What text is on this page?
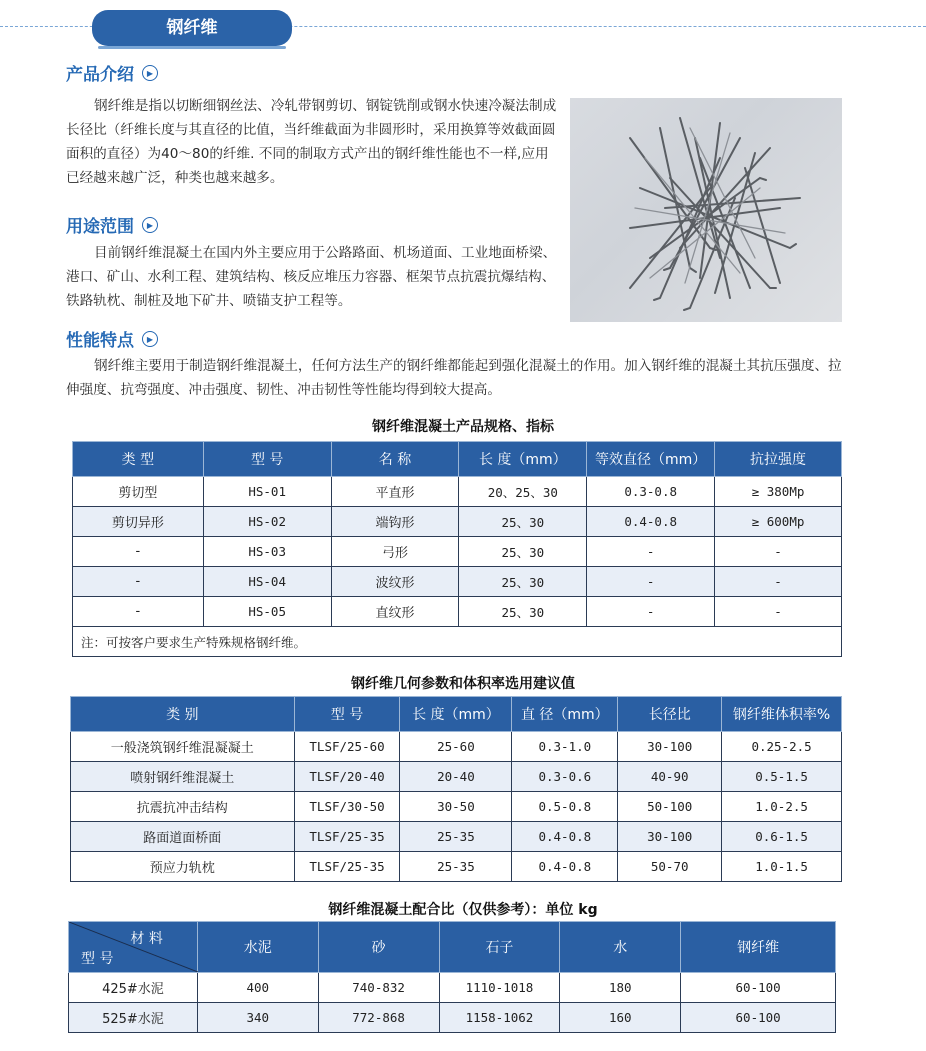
钢纤维
产品介绍	▶
钢纤维是指以切断细钢丝法、冷轧带钢剪切、钢锭铣削或钢水快速冷凝法制成长径比（纤维长度与其直径的比值，当纤维截面为非圆形时，采用换算等效截面圆面积的直径）为40～80的纤维. 不同的制取方式产出的钢纤维性能也不一样,应用已经越来越广泛，种类也越来越多。
用途范围	▶
目前钢纤维混凝土在国内外主要应用于公路路面、机场道面、工业地面桥梁、港口、矿山、水利工程、建筑结构、核反应堆压力容器、框架节点抗震抗爆结构、铁路轨枕、制桩及地下矿井、喷锚支护工程等。
性能特点	▶
钢纤维主要用于制造钢纤维混凝土，任何方法生产的钢纤维都能起到强化混凝土的作用。加入钢纤维的混凝土其抗压强度、拉伸强度、抗弯强度、冲击强度、韧性、冲击韧性等性能均得到较大提高。
钢纤维混凝土产品规格、指标
类 型	型 号	名 称	长 度（mm）	等效直径（mm）	抗拉强度
剪切型	HS-01	平直形	20、25、30	0.3-0.8	≥ 380Mp
剪切异形	HS-02	端钩形	25、30	0.4-0.8	≥ 600Mp
-	HS-03	弓形	25、30	-	-
-	HS-04	波纹形	25、30	-	-
-	HS-05	直纹形	25、30	-	-
注：可按客户要求生产特殊规格钢纤维。					
钢纤维几何参数和体积率选用建议值
类 别	型 号	长 度（mm）	直 径（mm）	长径比	钢纤维体积率%
一般浇筑钢纤维混凝凝土	TLSF/25-60	25-60	0.3-1.0	30-100	0.25-2.5
喷射钢纤维混凝土	TLSF/20-40	20-40	0.3-0.6	40-90	0.5-1.5
抗震抗冲击结构	TLSF/30-50	30-50	0.5-0.8	50-100	1.0-2.5
路面道面桥面	TLSF/25-35	25-35	0.4-0.8	30-100	0.6-1.5
预应力轨枕	TLSF/25-35	25-35	0.4-0.8	50-70	1.0-1.5
钢纤维混凝土配合比（仅供参考）：单位 kg
材 料
型 号	水泥	砂	石子	水	钢纤维
425#水泥	400	740-832	1110-1018	180	60-100
525#水泥	340	772-868	1158-1062	160	60-100
